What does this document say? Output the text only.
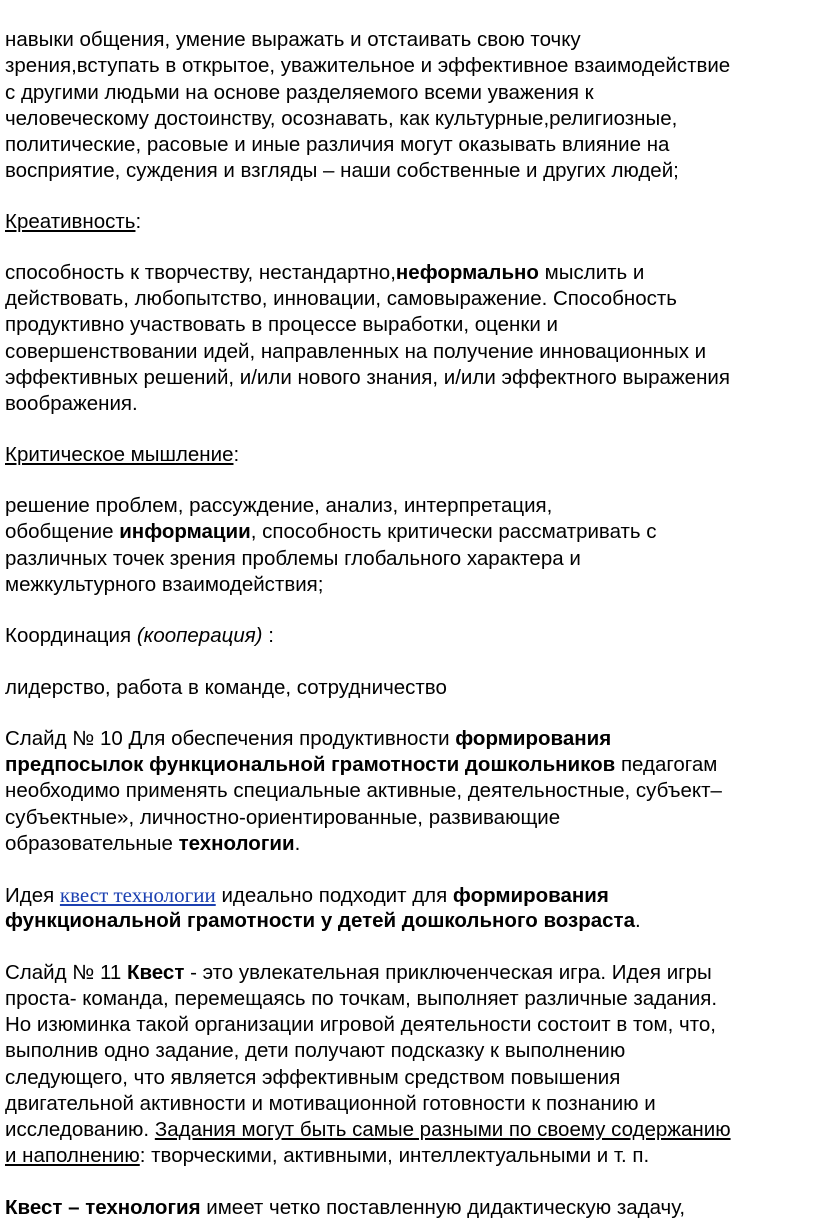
навыки общения, умение выражать и отстаивать свою точку
зрения,вступать в открытое, уважительное и эффективное взаимодействие
с другими людьми на основе разделяемого всеми уважения к
человеческому достоинству, осознавать, как культурные,религиозные,
политические, расовые и иные различия могут оказывать влияние на
восприятие, суждения и взгляды – наши собственные и других людей;
Креативность:
способность к творчеству, нестандартно,неформально мыслить и
действовать, любопытство, инновации, самовыражение. Способность
продуктивно участвовать в процессе выработки, оценки и
совершенствовании идей, направленных на получение инновационных и
эффективных решений, и/или нового знания, и/или эффектного выражения
воображения.
Критическое мышление:
решение проблем, рассуждение, анализ, интерпретация,
обобщение информации, способность критически рассматривать с
различных точек зрения проблемы глобального характера и
межкультурного взаимодействия;
Координация (кооперация) :
лидерство, работа в команде, сотрудничество
Слайд № 10 Для обеспечения продуктивности формирования
предпосылок функциональной грамотности дошкольников педагогам
необходимо применять специальные активные, деятельностные, субъект–
субъектные», личностно-ориентированные, развивающие
образовательные технологии.
Идея квест технологии идеально подходит для формирования
функциональной грамотности у детей дошкольного возраста.
Слайд № 11 Квест - это увлекательная приключенческая игра. Идея игры
проста- команда, перемещаясь по точкам, выполняет различные задания.
Но изюминка такой организации игровой деятельности состоит в том, что,
выполнив одно задание, дети получают подсказку к выполнению
следующего, что является эффективным средством повышения
двигательной активности и мотивационной готовности к познанию и
исследованию. Задания могут быть самые разными по своему содержанию
и наполнению: творческими, активными, интеллектуальными и т. п.
Квест – технология имеет четко поставленную дидактическую задачу,
